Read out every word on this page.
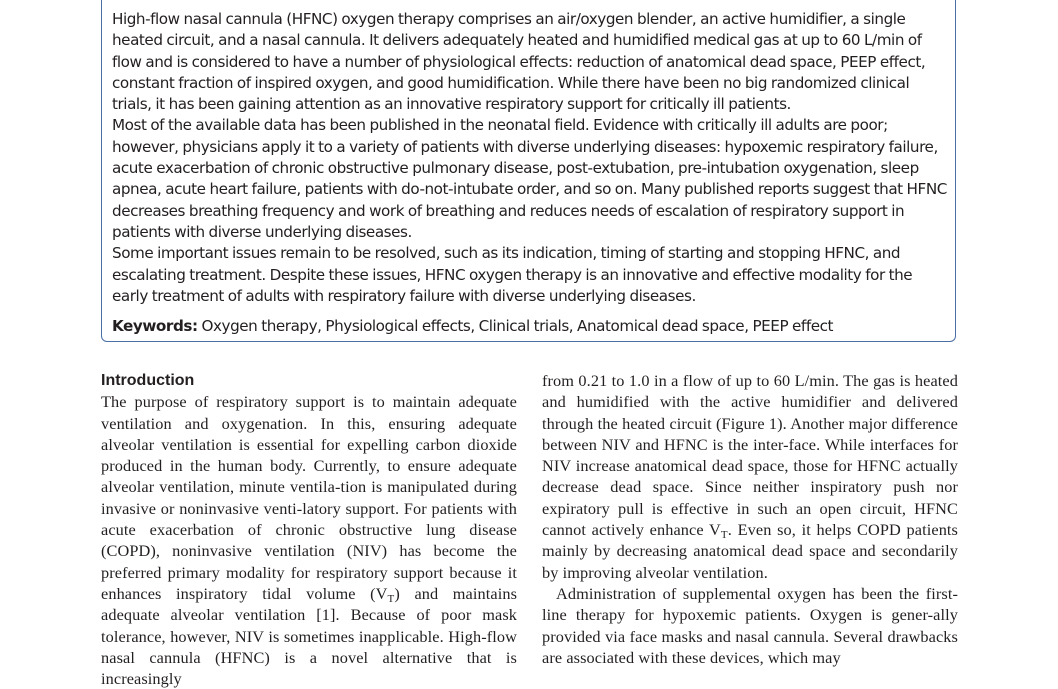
High-flow nasal cannula (HFNC) oxygen therapy comprises an air/oxygen blender, an active humidifier, a single heated circuit, and a nasal cannula. It delivers adequately heated and humidified medical gas at up to 60 L/min of flow and is considered to have a number of physiological effects: reduction of anatomical dead space, PEEP effect, constant fraction of inspired oxygen, and good humidification. While there have been no big randomized clinical trials, it has been gaining attention as an innovative respiratory support for critically ill patients.

Most of the available data has been published in the neonatal field. Evidence with critically ill adults are poor; however, physicians apply it to a variety of patients with diverse underlying diseases: hypoxemic respiratory failure, acute exacerbation of chronic obstructive pulmonary disease, post-extubation, pre-intubation oxygenation, sleep apnea, acute heart failure, patients with do-not-intubate order, and so on. Many published reports suggest that HFNC decreases breathing frequency and work of breathing and reduces needs of escalation of respiratory support in patients with diverse underlying diseases.

Some important issues remain to be resolved, such as its indication, timing of starting and stopping HFNC, and escalating treatment. Despite these issues, HFNC oxygen therapy is an innovative and effective modality for the early treatment of adults with respiratory failure with diverse underlying diseases.

Keywords: Oxygen therapy, Physiological effects, Clinical trials, Anatomical dead space, PEEP effect
Introduction

The purpose of respiratory support is to maintain adequate ventilation and oxygenation. In this, ensuring adequate alveolar ventilation is essential for expelling carbon dioxide produced in the human body. Currently, to ensure adequate alveolar ventilation, minute ventila-tion is manipulated during invasive or noninvasive venti-latory support. For patients with acute exacerbation of chronic obstructive lung disease (COPD), noninvasive ventilation (NIV) has become the preferred primary modality for respiratory support because it enhances inspiratory tidal volume $(V_T)$ and maintains adequate alveolar ventilation [1]. Because of poor mask tolerance, however, NIV is sometimes inapplicable. High-flow nasal cannula (HFNC) is a novel alternative that is increasingly

from 0.21 to 1.0 in a flow of up to 60 L/min. The gas is heated and humidified with the active humidifier and delivered through the heated circuit (Figure 1). Another major difference between NIV and HFNC is the inter-face. While interfaces for NIV increase anatomical dead space, those for HFNC actually decrease dead space. Since neither inspiratory push nor expiratory pull is effective in such an open circuit, HFNC cannot actively enhance $V_T$. Even so, it helps COPD patients mainly by decreasing anatomical dead space and secondarily by improving alveolar ventilation.

Administration of supplemental oxygen has been the first-line therapy for hypoxemic patients. Oxygen is gener-ally provided via face masks and nasal cannula. Several drawbacks are associated with these devices, which may
